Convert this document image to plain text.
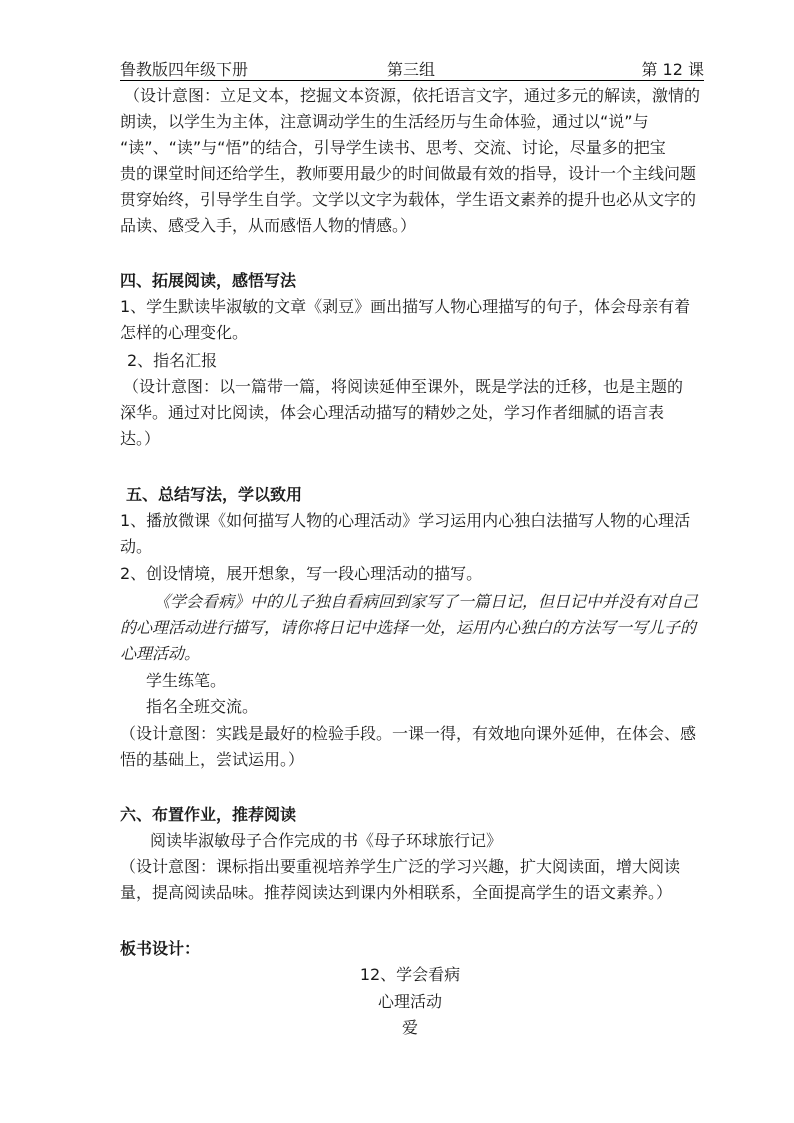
鲁教版四年级下册	第三组	第 12 课
（设计意图：立足文本，挖掘文本资源，依托语言文字，通过多元的解读，激情的
朗读，以学生为主体，注意调动学生的生活经历与生命体验，通过以“说”与
“读”、“读”与“悟”的结合，引导学生读书、思考、交流、讨论，尽量多的把宝
贵的课堂时间还给学生，教师要用最少的时间做最有效的指导，设计一个主线问题
贯穿始终，引导学生自学。文学以文字为载体，学生语文素养的提升也必从文字的
品读、感受入手，从而感悟人物的情感。）
四、拓展阅读，感悟写法
1、学生默读毕淑敏的文章《剥豆》画出描写人物心理描写的句子，体会母亲有着
怎样的心理变化。
2、指名汇报
（设计意图：以一篇带一篇，将阅读延伸至课外，既是学法的迁移，也是主题的
深华。通过对比阅读，体会心理活动描写的精妙之处，学习作者细腻的语言表
达。）
五、总结写法，学以致用
1、播放微课《如何描写人物的心理活动》学习运用内心独白法描写人物的心理活
动。
2、创设情境，展开想象，写一段心理活动的描写。
《学会看病》中的儿子独自看病回到家写了一篇日记，但日记中并没有对自己
的心理活动进行描写，请你将日记中选择一处，运用内心独白的方法写一写儿子的
心理活动。
学生练笔。
指名全班交流。
（设计意图：实践是最好的检验手段。一课一得，有效地向课外延伸，在体会、感
悟的基础上，尝试运用。）
六、布置作业，推荐阅读
阅读毕淑敏母子合作完成的书《母子环球旅行记》
（设计意图：课标指出要重视培养学生广泛的学习兴趣，扩大阅读面，增大阅读
量，提高阅读品味。推荐阅读达到课内外相联系，全面提高学生的语文素养。）
板书设计：
12、学会看病
心理活动
爱
